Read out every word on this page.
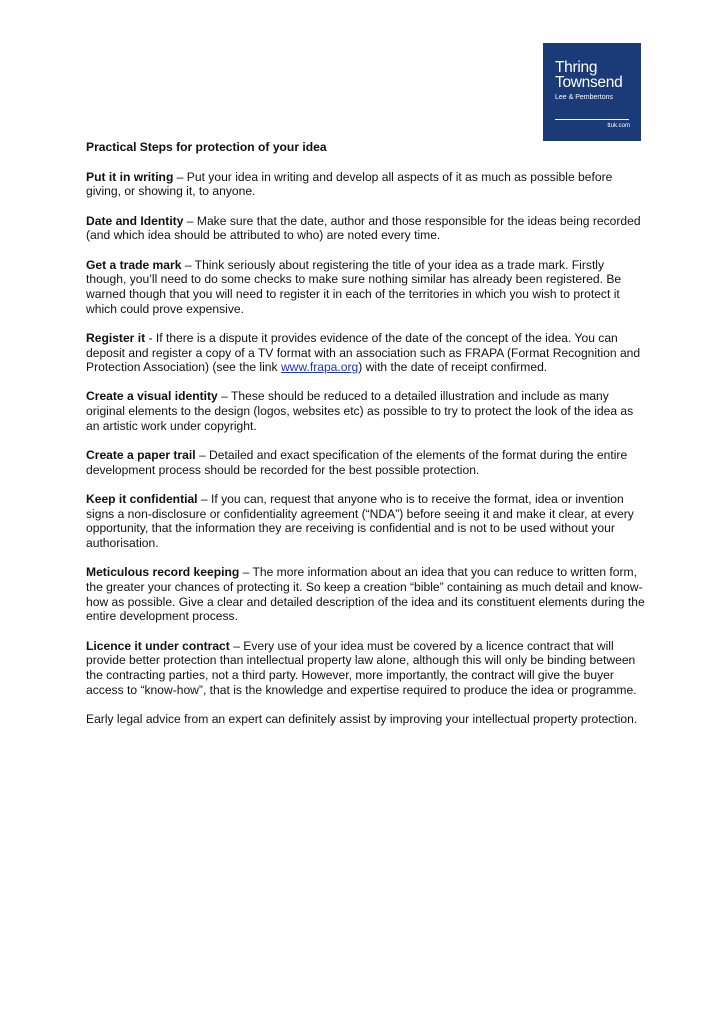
Thring
Townsend
Lee & Pembertons
ttuk.com

Practical Steps for protection of your idea

Put it in writing – Put your idea in writing and develop all aspects of it as much as possible before giving, or showing it, to anyone.

Date and Identity – Make sure that the date, author and those responsible for the ideas being recorded (and which idea should be attributed to who) are noted every time.

Get a trade mark – Think seriously about registering the title of your idea as a trade mark. Firstly though, you’ll need to do some checks to make sure nothing similar has already been registered. Be warned though that you will need to register it in each of the territories in which you wish to protect it which could prove expensive.

Register it - If there is a dispute it provides evidence of the date of the concept of the idea. You can deposit and register a copy of a TV format with an association such as FRAPA (Format Recognition and Protection Association) (see the link www.frapa.org) with the date of receipt confirmed.

Create a visual identity – These should be reduced to a detailed illustration and include as many original elements to the design (logos, websites etc) as possible to try to protect the look of the idea as an artistic work under copyright.

Create a paper trail – Detailed and exact specification of the elements of the format during the entire development process should be recorded for the best possible protection.

Keep it confidential – If you can, request that anyone who is to receive the format, idea or invention signs a non-disclosure or confidentiality agreement (“NDA”) before seeing it and make it clear, at every opportunity, that the information they are receiving is confidential and is not to be used without your authorisation.

Meticulous record keeping – The more information about an idea that you can reduce to written form, the greater your chances of protecting it. So keep a creation “bible” containing as much detail and know-how as possible. Give a clear and detailed description of the idea and its constituent elements during the entire development process.

Licence it under contract – Every use of your idea must be covered by a licence contract that will provide better protection than intellectual property law alone, although this will only be binding between the contracting parties, not a third party. However, more importantly, the contract will give the buyer access to “know-how”, that is the knowledge and expertise required to produce the idea or programme.

Early legal advice from an expert can definitely assist by improving your intellectual property protection.
